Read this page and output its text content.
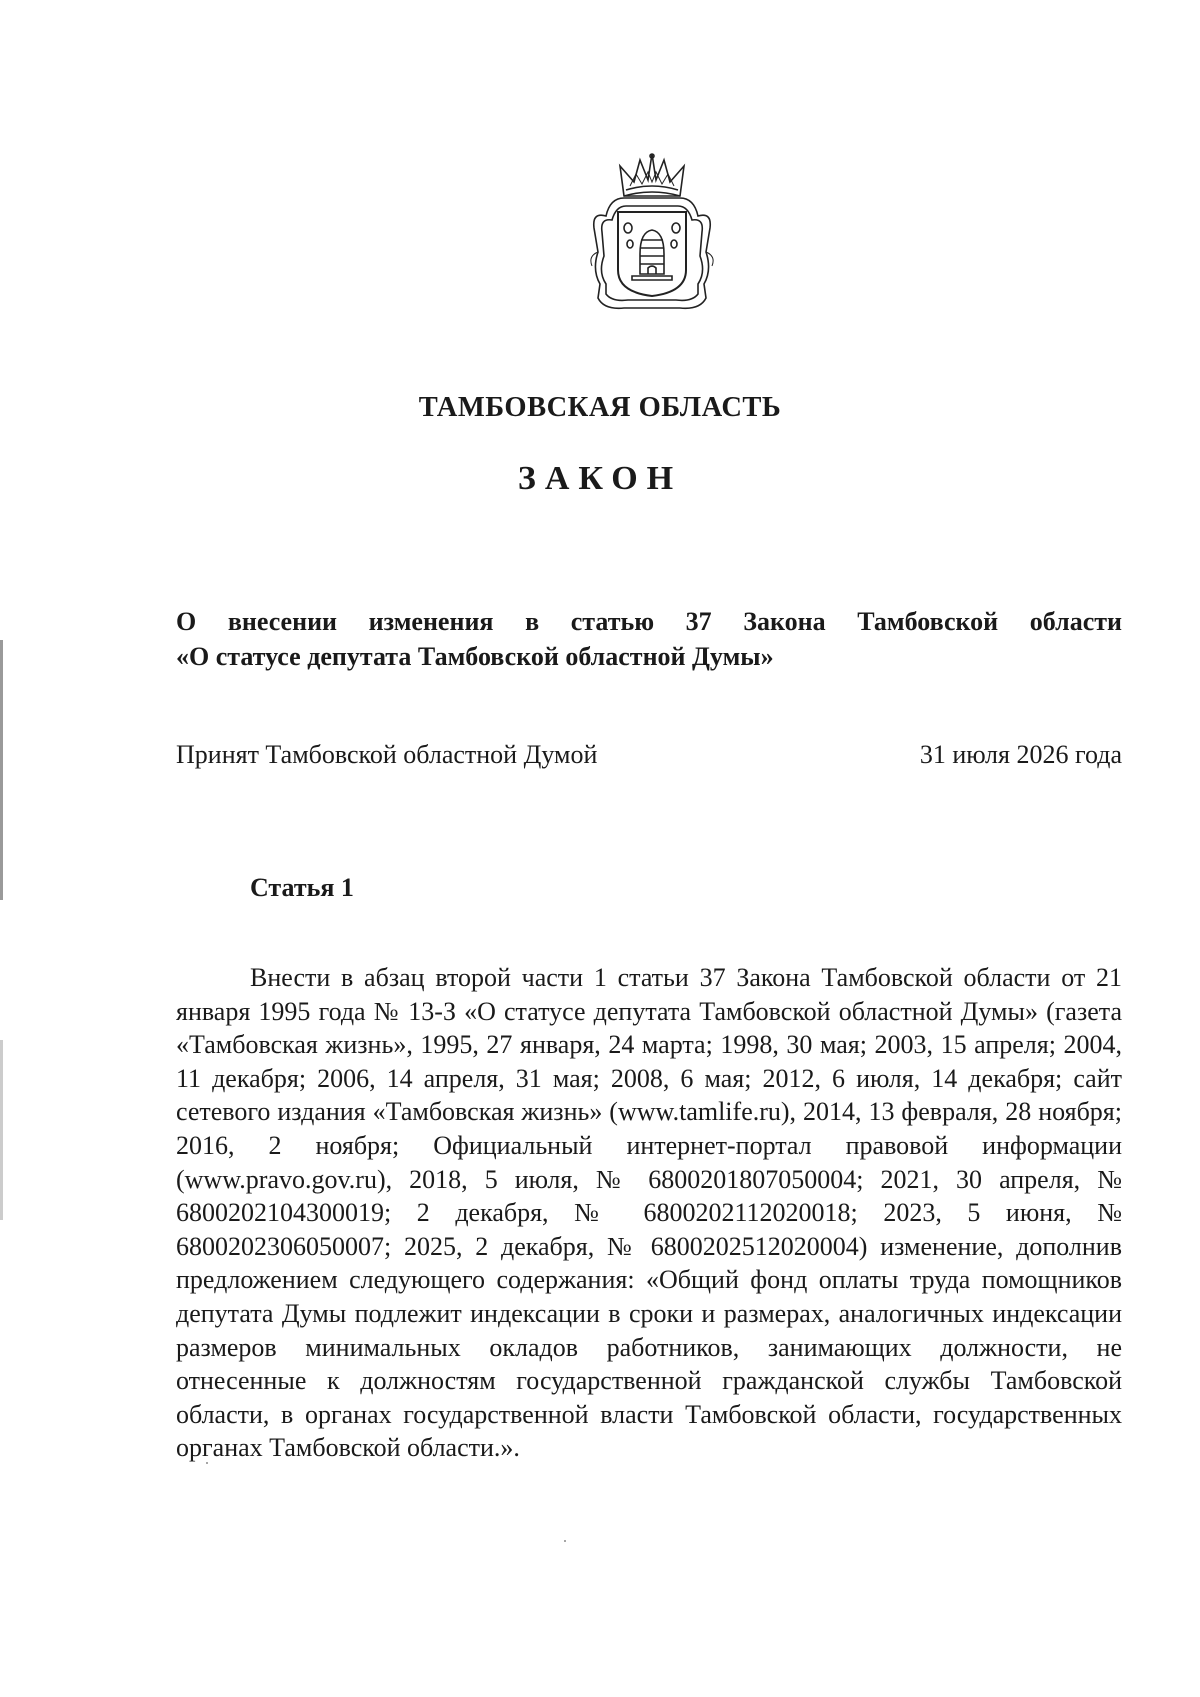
ТАМБОВСКАЯ ОБЛАСТЬ
ЗАКОН
О внесении изменения в статью 37 Закона Тамбовской области
«О статусе депутата Тамбовской областной Думы»
Принят Тамбовской областной Думой	31 июля 2026 года
Статья 1

Внести в абзац второй части 1 статьи 37 Закона Тамбовской области от 21 января 1995 года № 13-З «О статусе депутата Тамбовской областной Думы» (газета «Тамбовская жизнь», 1995, 27 января, 24 марта; 1998, 30 мая; 2003, 15 апреля; 2004, 11 декабря; 2006, 14 апреля, 31 мая; 2008, 6 мая; 2012, 6 июля, 14 декабря; сайт сетевого издания «Тамбовская жизнь» (www.tamlife.ru), 2014, 13 февраля, 28 ноября; 2016, 2 ноября; Официальный интернет-портал правовой информации (www.pravo.gov.ru), 2018, 5 июля, № 6800201807050004; 2021, 30 апреля, № 6800202104300019; 2 декабря, № 6800202112020018; 2023, 5 июня, № 6800202306050007; 2025, 2 декабря, № 6800202512020004) изменение, дополнив предложением следующего содержания: «Общий фонд оплаты труда помощников депутата Думы подлежит индексации в сроки и размерах, аналогичных индексации размеров минимальных окладов работников, занимающих должности, не отнесенные к должностям государственной гражданской службы Тамбовской области, в органах государственной власти Тамбовской области, государственных органах Тамбовской области.».
